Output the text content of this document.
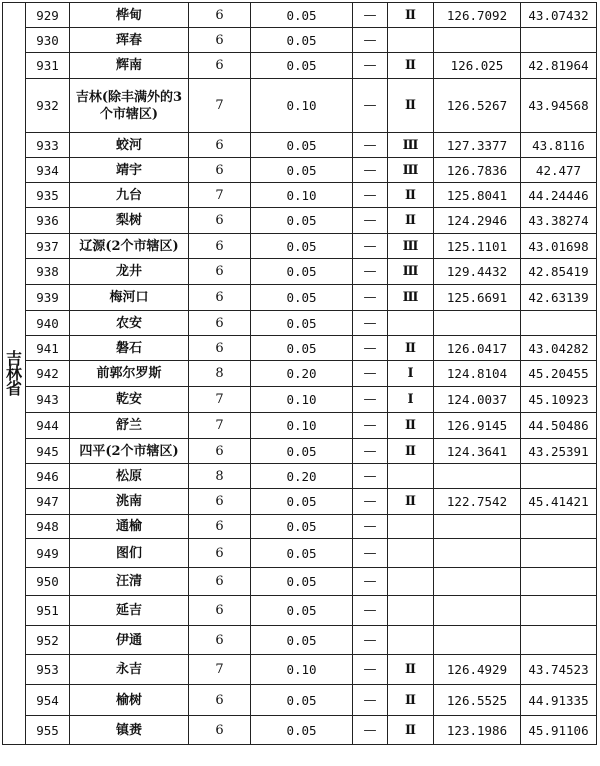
吉林省	929	桦甸	6	0.05	—	Ⅱ	126.7092	43.07432
	930	珲春	6	0.05	—			
	931	辉南	6	0.05	—	Ⅱ	126.025	42.81964
	932	吉林(除丰满外的3个市辖区)	7	0.10	—	Ⅱ	126.5267	43.94568
	933	蛟河	6	0.05	—	Ⅲ	127.3377	43.8116
	934	靖宇	6	0.05	—	Ⅲ	126.7836	42.477
	935	九台	7	0.10	—	Ⅱ	125.8041	44.24446
	936	梨树	6	0.05	—	Ⅱ	124.2946	43.38274
	937	辽源(2个市辖区)	6	0.05	—	Ⅲ	125.1101	43.01698
	938	龙井	6	0.05	—	Ⅲ	129.4432	42.85419
	939	梅河口	6	0.05	—	Ⅲ	125.6691	42.63139
	940	农安	6	0.05	—			
	941	磐石	6	0.05	—	Ⅱ	126.0417	43.04282
	942	前郭尔罗斯	8	0.20	—	Ⅰ	124.8104	45.20455
	943	乾安	7	0.10	—	Ⅰ	124.0037	45.10923
	944	舒兰	7	0.10	—	Ⅱ	126.9145	44.50486
	945	四平(2个市辖区)	6	0.05	—	Ⅱ	124.3641	43.25391
	946	松原	8	0.20	—			
	947	洮南	6	0.05	—	Ⅱ	122.7542	45.41421
	948	通榆	6	0.05	—			
	949	图们	6	0.05	—			
	950	汪清	6	0.05	—			
	951	延吉	6	0.05	—			
	952	伊通	6	0.05	—			
	953	永吉	7	0.10	—	Ⅱ	126.4929	43.74523
	954	榆树	6	0.05	—	Ⅱ	126.5525	44.91335
	955	镇赉	6	0.05	—	Ⅱ	123.1986	45.91106
